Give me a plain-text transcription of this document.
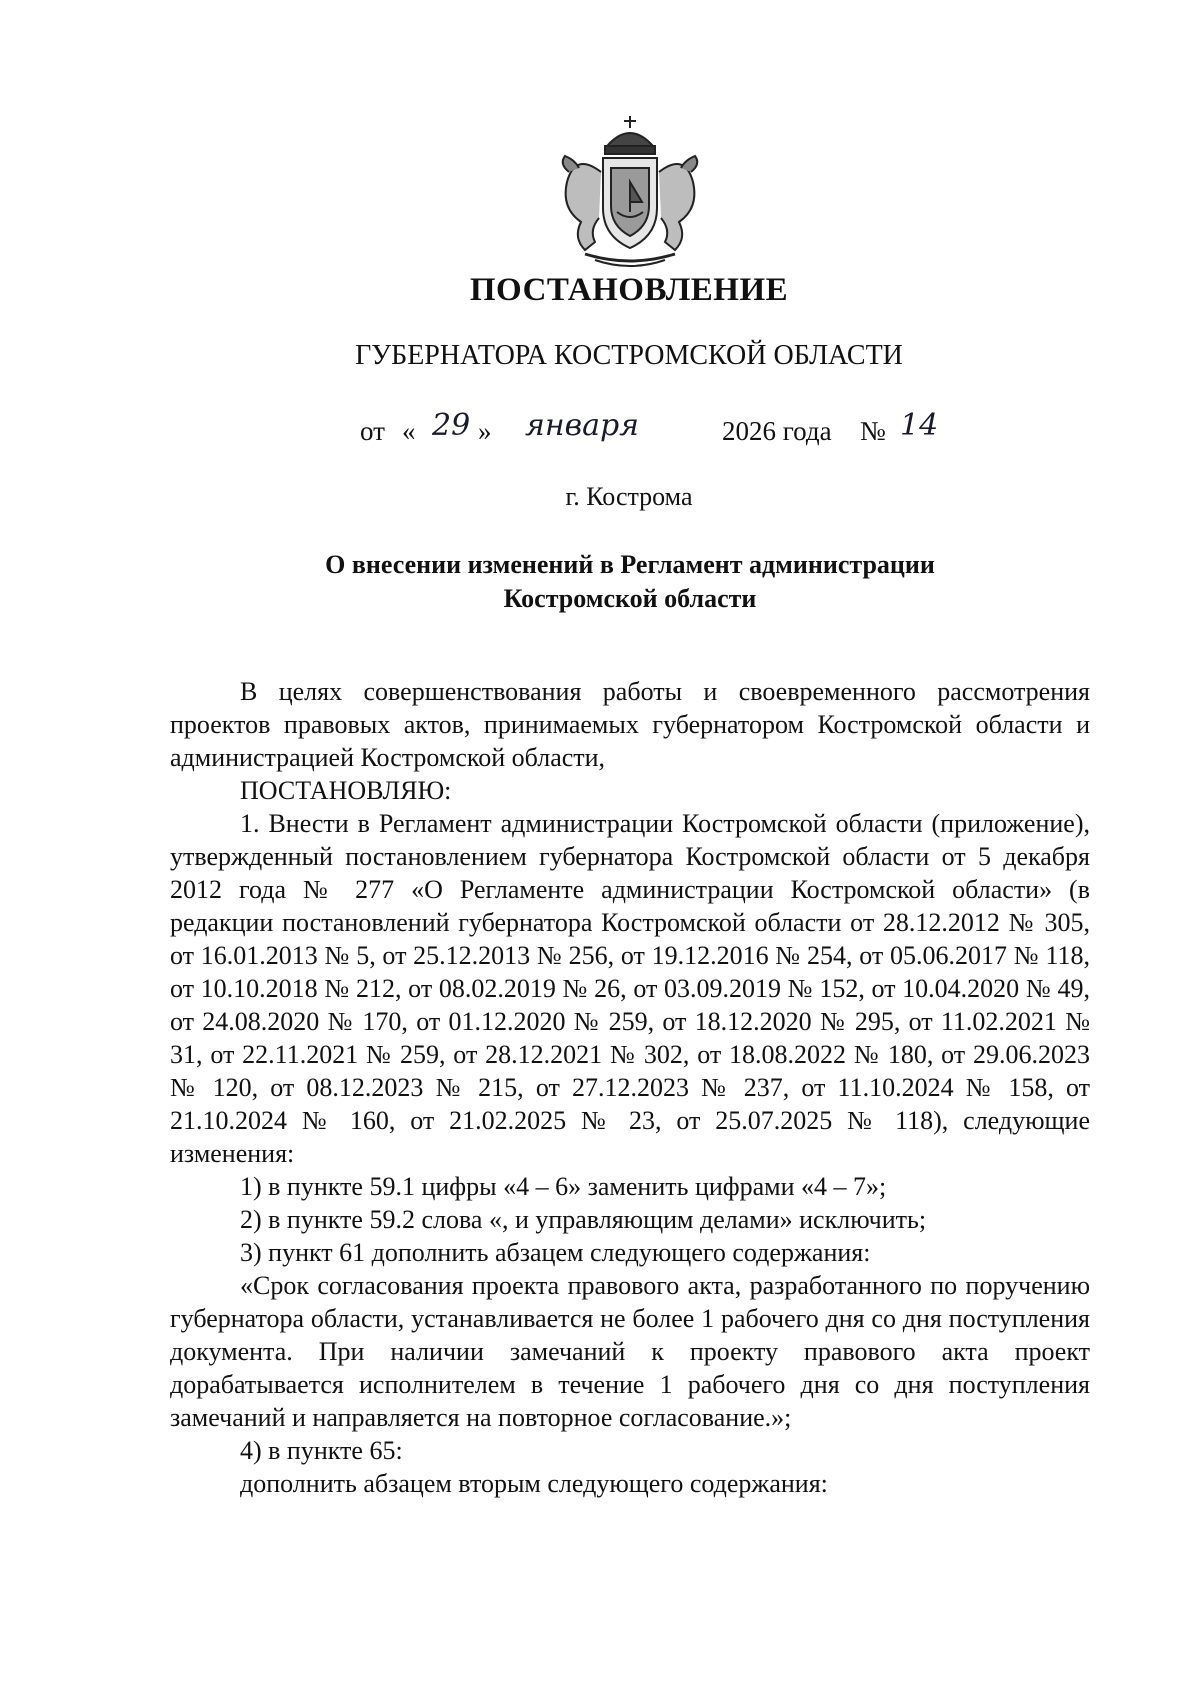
ПОСТАНОВЛЕНИЕ
ГУБЕРНАТОРА КОСТРОМСКОЙ ОБЛАСТИ
от « 29 » января	2026 года № 14
г. Кострома
О внесении изменений в Регламент администрации
Костромской области

В целях совершенствования работы и своевременного рассмотрения проектов правовых актов, принимаемых губернатором Костромской области и администрацией Костромской области,

ПОСТАНОВЛЯЮ:

1. Внести в Регламент администрации Костромской области (приложение), утвержденный постановлением губернатора Костромской области от 5 декабря 2012 года № 277 «О Регламенте администрации Костромской области» (в редакции постановлений губернатора Костромской области от 28.12.2012 № 305, от 16.01.2013 № 5, от 25.12.2013 № 256, от 19.12.2016 № 254, от 05.06.2017 № 118, от 10.10.2018 № 212, от 08.02.2019 № 26, от 03.09.2019 № 152, от 10.04.2020 № 49, от 24.08.2020 № 170, от 01.12.2020 № 259, от 18.12.2020 № 295, от 11.02.2021 № 31, от 22.11.2021 № 259, от 28.12.2021 № 302, от 18.08.2022 № 180, от 29.06.2023 № 120, от 08.12.2023 № 215, от 27.12.2023 № 237, от 11.10.2024 № 158, от 21.10.2024 № 160, от 21.02.2025 № 23, от 25.07.2025 № 118), следующие изменения:

1) в пункте 59.1 цифры «4 – 6» заменить цифрами «4 – 7»;

2) в пункте 59.2 слова «, и управляющим делами» исключить;

3) пункт 61 дополнить абзацем следующего содержания:

«Срок согласования проекта правового акта, разработанного по поручению губернатора области, устанавливается не более 1 рабочего дня со дня поступления документа. При наличии замечаний к проекту правового акта проект дорабатывается исполнителем в течение 1 рабочего дня со дня поступления замечаний и направляется на повторное согласование.»;

4) в пункте 65:

дополнить абзацем вторым следующего содержания:
